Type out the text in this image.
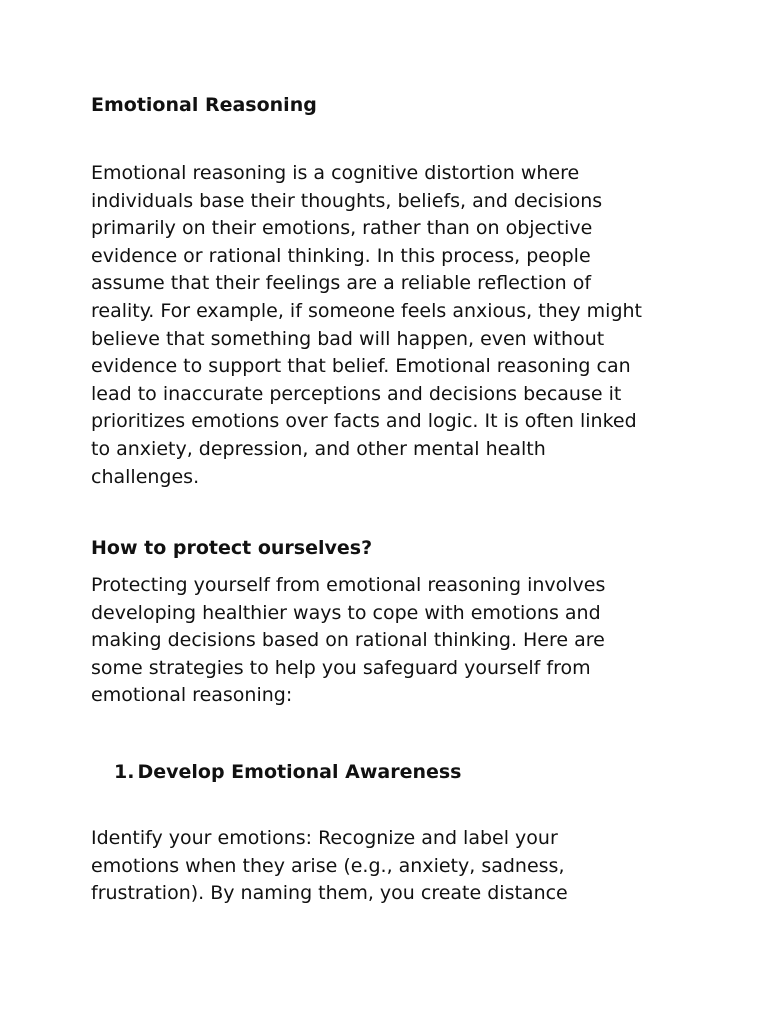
Emotional Reasoning

Emotional reasoning is a cognitive distortion where
individuals base their thoughts, beliefs, and decisions
primarily on their emotions, rather than on objective
evidence or rational thinking. In this process, people
assume that their feelings are a reliable reflection of
reality. For example, if someone feels anxious, they might
believe that something bad will happen, even without
evidence to support that belief. Emotional reasoning can
lead to inaccurate perceptions and decisions because it
prioritizes emotions over facts and logic. It is often linked
to anxiety, depression, and other mental health
challenges.

How to protect ourselves?

Protecting yourself from emotional reasoning involves
developing healthier ways to cope with emotions and
making decisions based on rational thinking. Here are
some strategies to help you safeguard yourself from
emotional reasoning:

1. Develop Emotional Awareness

Identify your emotions: Recognize and label your
emotions when they arise (e.g., anxiety, sadness,
frustration). By naming them, you create distance
